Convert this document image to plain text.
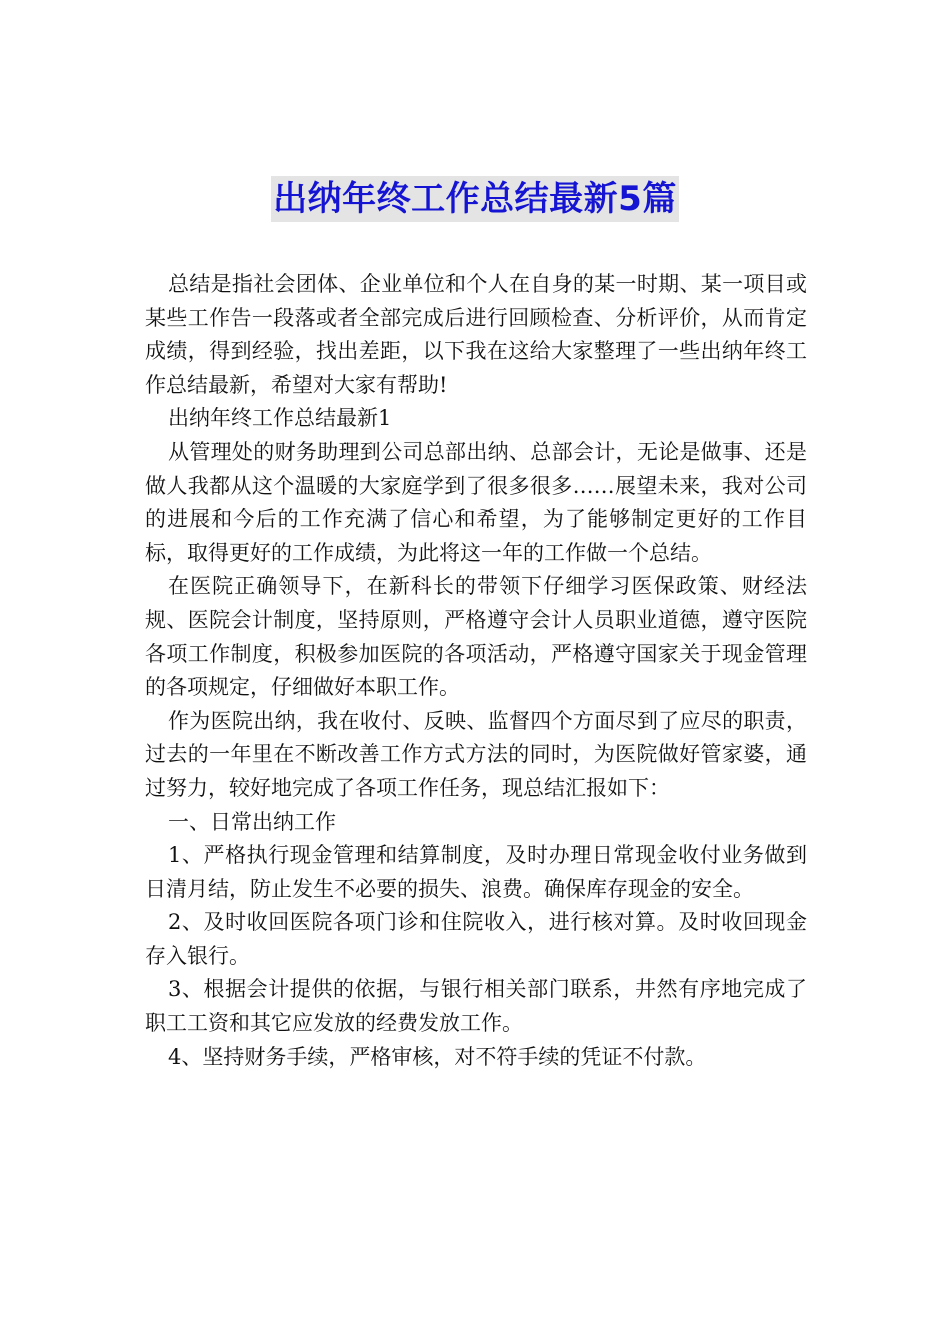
出纳年终工作总结最新5篇

总结是指社会团体、企业单位和个人在自身的某一时期、某一项目或某些工作告一段落或者全部完成后进行回顾检查、分析评价，从而肯定成绩，得到经验，找出差距，以下我在这给大家整理了一些出纳年终工作总结最新，希望对大家有帮助!

出纳年终工作总结最新1

从管理处的财务助理到公司总部出纳、总部会计，无论是做事、还是做人我都从这个温暖的大家庭学到了很多很多……展望未来，我对公司的进展和今后的工作充满了信心和希望，为了能够制定更好的工作目标，取得更好的工作成绩，为此将这一年的工作做一个总结。

在医院正确领导下，在新科长的带领下仔细学习医保政策、财经法规、医院会计制度，坚持原则，严格遵守会计人员职业道德，遵守医院各项工作制度，积极参加医院的各项活动，严格遵守国家关于现金管理的各项规定，仔细做好本职工作。

作为医院出纳，我在收付、反映、监督四个方面尽到了应尽的职责，过去的一年里在不断改善工作方式方法的同时，为医院做好管家婆，通过努力，较好地完成了各项工作任务，现总结汇报如下：

一、日常出纳工作

1、严格执行现金管理和结算制度，及时办理日常现金收付业务做到日清月结，防止发生不必要的损失、浪费。确保库存现金的安全。

2、及时收回医院各项门诊和住院收入，进行核对算。及时收回现金存入银行。

3、根据会计提供的依据，与银行相关部门联系，井然有序地完成了职工工资和其它应发放的经费发放工作。

4、坚持财务手续，严格审核，对不符手续的凭证不付款。
